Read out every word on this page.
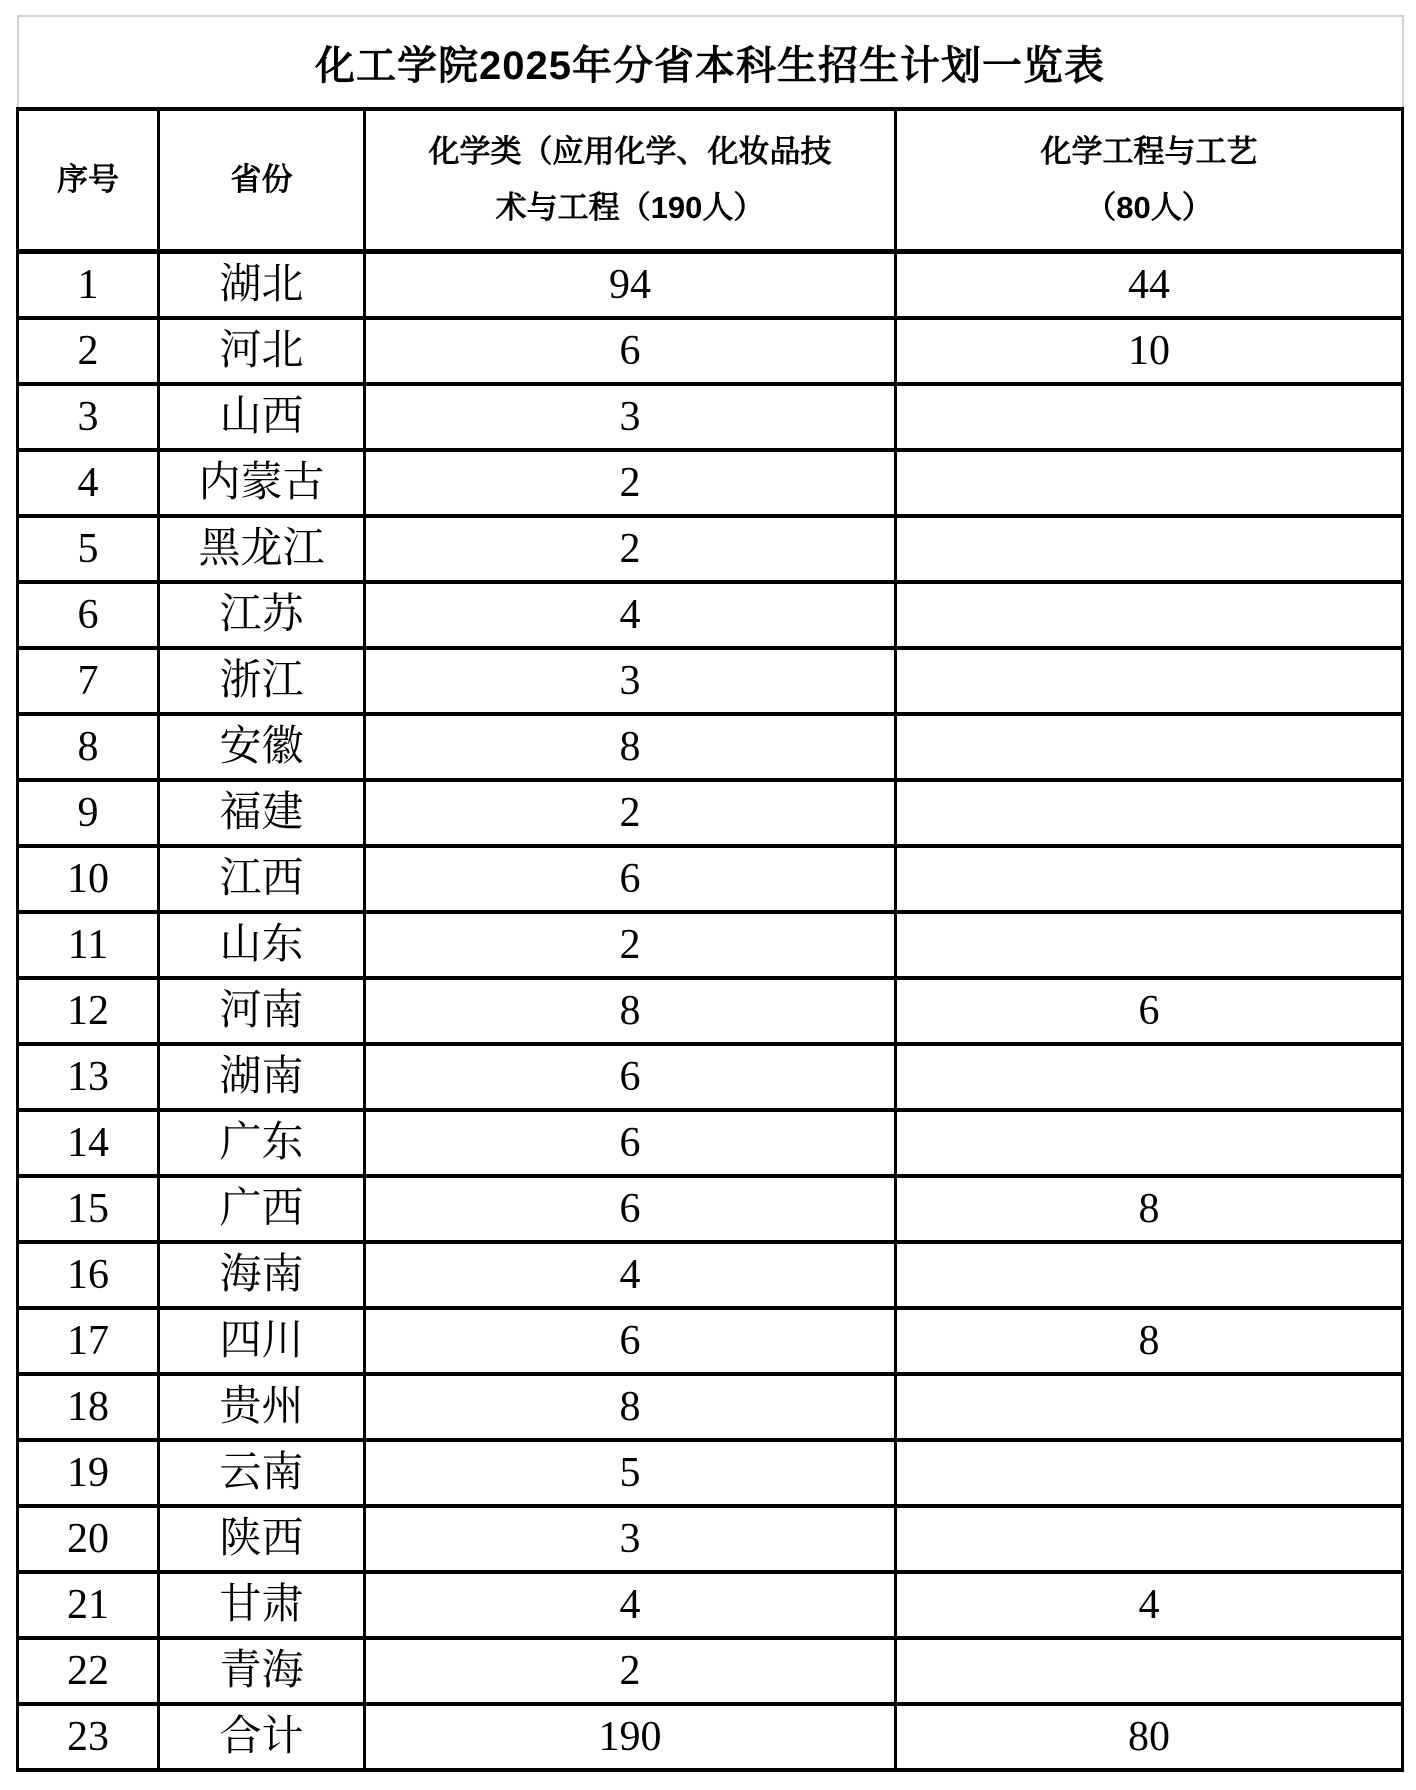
化工学院2025年分省本科生招生计划一览表			
序号	省份	化学类（应用化学、化妆品技
术与工程（190人）	化学工程与工艺
（80人）

1	湖北	94	44
2	河北	6	10
3	山西	3	
4	内蒙古	2	
5	黑龙江	2	
6	江苏	4	
7	浙江	3	
8	安徽	8	
9	福建	2	
10	江西	6	
11	山东	2	
12	河南	8	6
13	湖南	6	
14	广东	6	
15	广西	6	8
16	海南	4	
17	四川	6	8
18	贵州	8	
19	云南	5	
20	陕西	3	
21	甘肃	4	4
22	青海	2	
23	合计	190	80
